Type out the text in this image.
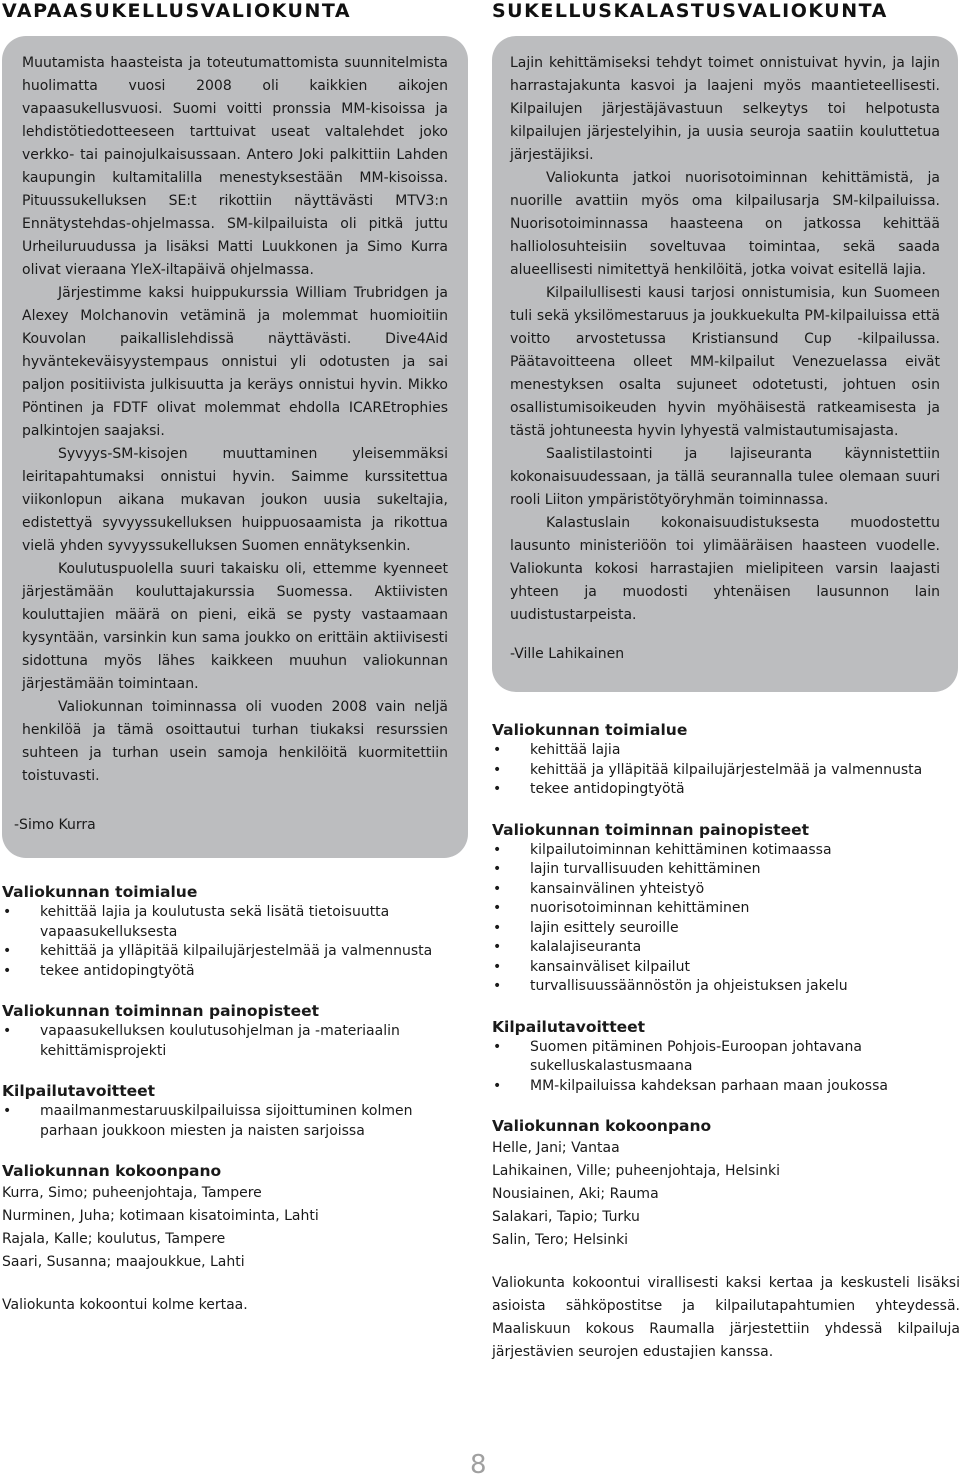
VAPAASUKELLUSVALIOKUNTA

Muutamista haasteista ja toteutumattomista suunnitelmista huolimatta vuosi 2008 oli kaikkien aikojen vapaasukellusvuosi. Suomi voitti pronssia MM-kisoissa ja lehdistötiedotteeseen tarttuivat useat valtalehdet joko verkko- tai painojulkaisussaan. Antero Joki palkittiin Lahden kaupungin kultamitalilla menestyksestään MM-kisoissa. Pituussukelluksen SE:t rikottiin näyttävästi MTV3:n Ennätystehdas-ohjelmassa. SM-kilpailuista oli pitkä juttu Urheiluruudussa ja lisäksi Matti Luukkonen ja Simo Kurra olivat vieraana YleX-iltapäivä ohjelmassa.

Järjestimme kaksi huippukurssia William Trubridgen ja Alexey Molchanovin vetäminä ja molemmat huomioitiin Kouvolan paikallislehdissä näyttävästi. Dive4Aid hyväntekeväisyystempaus onnistui yli odotusten ja sai paljon positiivista julkisuutta ja keräys onnistui hyvin. Mikko Pöntinen ja FDTF olivat molemmat ehdolla ICAREtrophies palkintojen saajaksi.

Syvyys-SM-kisojen muuttaminen yleisemmäksi leiritapahtumaksi onnistui hyvin. Saimme kurssitettua viikonlopun aikana mukavan joukon uusia sukeltajia, edistettyä syvyyssukelluksen huippuosaamista ja rikottua vielä yhden syvyyssukelluksen Suomen ennätyksenkin.

Koulutuspuolella suuri takaisku oli, ettemme kyenneet järjestämään kouluttajakurssia Suomessa. Aktiivisten kouluttajien määrä on pieni, eikä se pysty vastaamaan kysyntään, varsinkin kun sama joukko on erittäin aktiivisesti sidottuna myös lähes kaikkeen muuhun valiokunnan järjestämään toimintaan.

Valiokunnan toiminnassa oli vuoden 2008 vain neljä henkilöä ja tämä osoittautui turhan tiukaksi resurssien suhteen ja turhan usein samoja henkilöitä kuormitettiin toistuvasti.

-Simo Kurra

Valiokunnan toimialue
• kehittää lajia ja koulutusta sekä lisätä tietoisuutta vapaasukelluksesta
• kehittää ja ylläpitää kilpailujärjestelmää ja valmennusta
• tekee antidopingtyötä
Valiokunnan toiminnan painopisteet
• vapaasukelluksen koulutusohjelman ja -materiaalin kehittämisprojekti
Kilpailutavoitteet
• maailmanmestaruuskilpailuissa sijoittuminen kolmen parhaan joukkoon miesten ja naisten sarjoissa
Valiokunnan kokoonpano

Kurra, Simo; puheenjohtaja, Tampere

Nurminen, Juha; kotimaan kisatoiminta, Lahti

Rajala, Kalle; koulutus, Tampere

Saari, Susanna; maajoukkue, Lahti

Valiokunta kokoontui kolme kertaa.

SUKELLUSKALASTUSVALIOKUNTA

Lajin kehittämiseksi tehdyt toimet onnistuivat hyvin, ja lajin harrastajakunta kasvoi ja laajeni myös maantieteellisesti. Kilpailujen järjestäjävastuun selkeytys toi helpotusta kilpailujen järjestelyihin, ja uusia seuroja saatiin kouluttetua järjestäjiksi.

Valiokunta jatkoi nuorisotoiminnan kehittämistä, ja nuorille avattiin myös oma kilpailusarja SM-kilpailuissa. Nuorisotoiminnassa haasteena on jatkossa kehittää halliolosuhteisiin soveltuvaa toimintaa, sekä saada alueellisesti nimitettyä henkilöitä, jotka voivat esitellä lajia.

Kilpailullisesti kausi tarjosi onnistumisia, kun Suomeen tuli sekä yksilömestaruus ja joukkuekulta PM-kilpailuissa että voitto arvostetussa Kristiansund Cup -kilpailussa. Päätavoitteena olleet MM-kilpailut Venezuelassa eivät menestyksen osalta sujuneet odotetusti, johtuen osin osallistumisoikeuden hyvin myöhäisestä ratkeamisesta ja tästä johtuneesta hyvin lyhyestä valmistautumisajasta.

Saalistilastointi ja lajiseuranta käynnistettiin kokonaisuudessaan, ja tällä seurannalla tulee olemaan suuri rooli Liiton ympäristötyöryhmän toiminnassa.

Kalastuslain kokonaisuudistuksesta muodostettu lausunto ministeriöön toi ylimääräisen haasteen vuodelle. Valiokunta kokosi harrastajien mielipiteen varsin laajasti yhteen ja muodosti yhtenäisen lausunnon lain uudistustarpeista.

-Ville Lahikainen

Valiokunnan toimialue
• kehittää lajia
• kehittää ja ylläpitää kilpailujärjestelmää ja valmennusta
• tekee antidopingtyötä
Valiokunnan toiminnan painopisteet
• kilpailutoiminnan kehittäminen kotimaassa
• lajin turvallisuuden kehittäminen
• kansainvälinen yhteistyö
• nuorisotoiminnan kehittäminen
• lajin esittely seuroille
• kalalajiseuranta
• kansainväliset kilpailut
• turvallisuussäännöstön ja ohjeistuksen jakelu
Kilpailutavoitteet
• Suomen pitäminen Pohjois-Euroopan johtavana sukelluskalastusmaana
• MM-kilpailuissa kahdeksan parhaan maan joukossa
Valiokunnan kokoonpano

Helle, Jani; Vantaa

Lahikainen, Ville; puheenjohtaja, Helsinki

Nousiainen, Aki; Rauma

Salakari, Tapio; Turku

Salin, Tero; Helsinki

Valiokunta kokoontui virallisesti kaksi kertaa ja keskusteli lisäksi asioista sähköpostitse ja kilpailutapahtumien yhteydessä. Maaliskuun kokous Raumalla järjestettiin yhdessä kilpailuja järjestävien seurojen edustajien kanssa.

8
